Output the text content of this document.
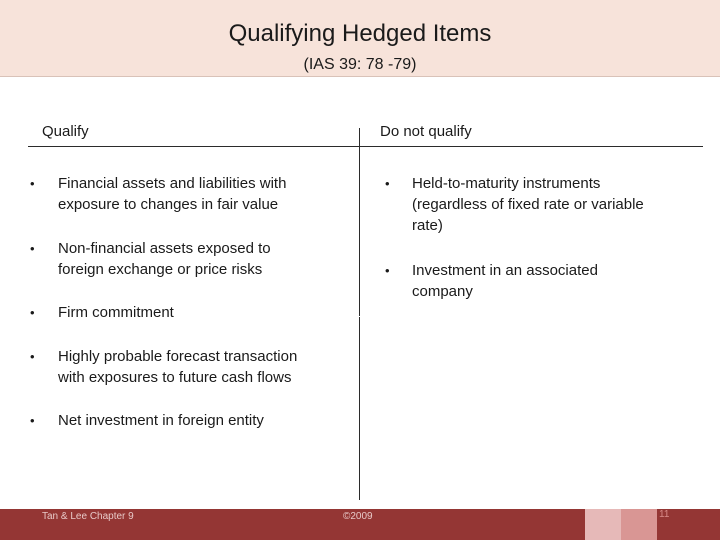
Qualifying Hedged Items
(IAS 39: 78 -79)
Qualify	Do not qualify
• Financial assets and liabilities with
exposure to changes in fair value
• Non-financial assets exposed to
foreign exchange or price risks
• Firm commitment
• Highly probable forecast transaction
with exposures to future cash flows
• Net investment in foreign entity
• Held-to-maturity instruments
(regardless of fixed rate or variable
rate)
• Investment in an associated
company
Tan & Lee Chapter 9	©2009	11
